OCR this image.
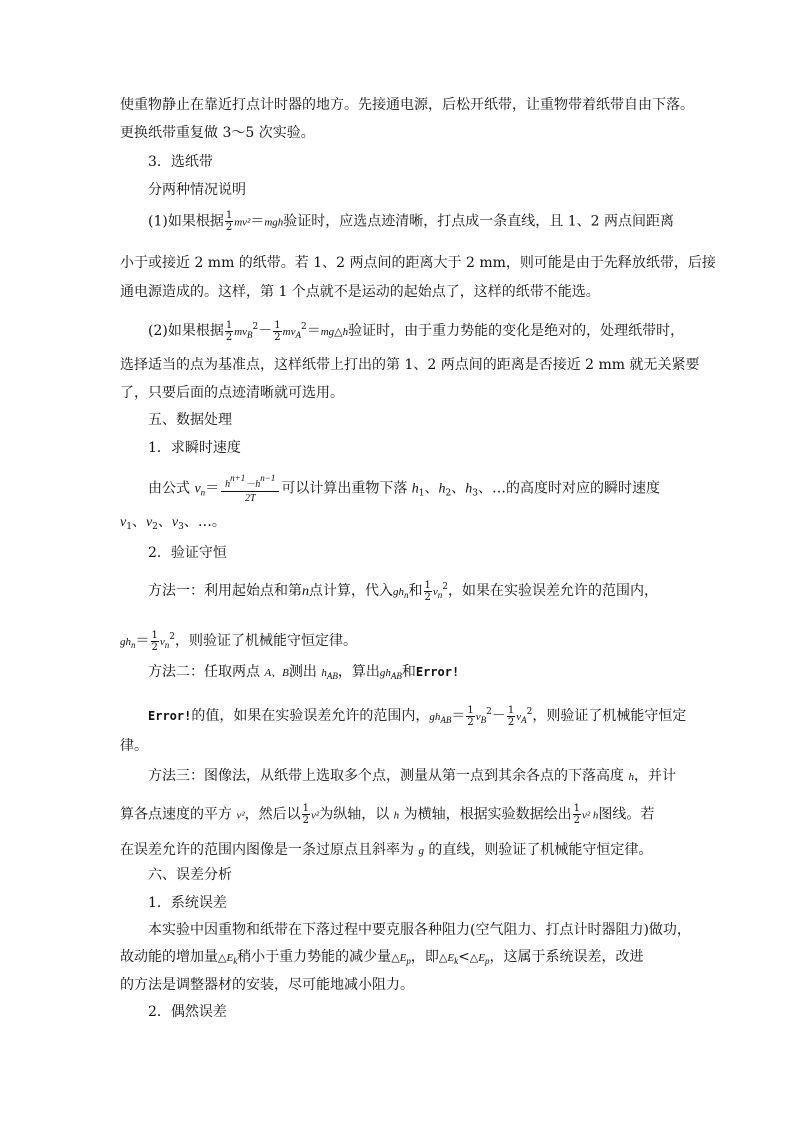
使重物静止在靠近打点计时器的地方。先接通电源，后松开纸带，让重物带着纸带自由下落。
更换纸带重复做 3～5 次实验。
3．选纸带
分两种情况说明
(1)如果根据 $\frac{1}{2} mv^2=mgh$验证时，应选点迹清晰，打点成一条直线，且 1、2 两点间距离
小于或接近 2 mm 的纸带。若 1、2 两点间的距离大于 2 mm，则可能是由于先释放纸带，后接
通电源造成的。这样，第 1 个点就不是运动的起始点了，这样的纸带不能选。
(2)如果根据 $\frac{1}{2} mv_B^2- \frac{1}{2}$ $mv_A^2=mg\triangle h$验证时，由于重力势能的变化是绝对的，处理纸带时，
选择适当的点为基准点，这样纸带上打出的第 1、2 两点间的距离是否接近 2 mm 就无关紧要
了，只要后面的点迹清晰就可选用。
五、数据处理
1．求瞬时速度
由公式 $v_n= \frac{hn+1-hn-1}{2T}$ 可以计算出重物下落 $h_1$、$h_2$、$h_3$、…的高度时对应的瞬时速度
$v_1$、$v_2$、$v_3$、…。
2．验证守恒
方法一：利用起始点和第n点计算，代入$gh_n$和 $\frac{1}{2} v_n^2$，如果在实验误差允许的范围内，
$gh_n= \frac{1}{2} v_n^2$，则验证了机械能守恒定律。
方法二：任取两点 A、B测出 $h_{AB}$，算出$gh_{AB}$和Error!
Error!的值，如果在实验误差允许的范围内，$gh_{AB}= \frac{1}{2} v_B^2- \frac{1}{2} v_A^2$，则验证了机械能守恒定
律。
方法三：图像法，从纸带上选取多个点，测量从第一点到其余各点的下落高度 h，并计
算各点速度的平方 v²，然后以 $\frac{1}{2} v^2$为纵轴，以 h 为横轴，根据实验数据绘出 $\frac{1}{2} v^2$ h图线。若
在误差允许的范围内图像是一条过原点且斜率为 g 的直线，则验证了机械能守恒定律。
六、误差分析
1．系统误差
本实验中因重物和纸带在下落过程中要克服各种阻力(空气阻力、打点计时器阻力)做功，
故动能的增加量$\triangle E_k$稍小于重力势能的减少量$\triangle E_p$，即$\triangle E_k<\triangle E_p$，这属于系统误差，改进
的方法是调整器材的安装，尽可能地减小阻力。
2．偶然误差
